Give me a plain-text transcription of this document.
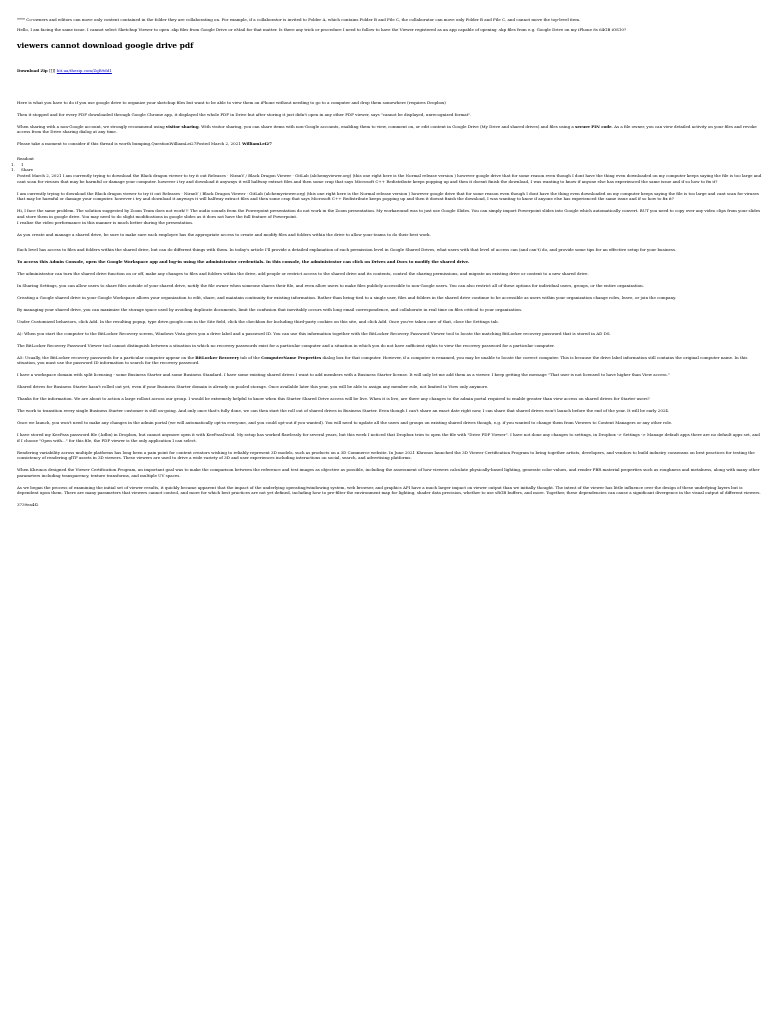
**** Co-owners and editors can move only content contained in the folder they are collaborating on. For example, if a collaborator is invited to Folder A, which contains Folder B and File C, the collaborator can move only Folder B and File C, and cannot move the top-level item.

Hello, I am facing the same issue. I cannot select Sketchup Viewer to open .skp files from Google Drive or eMail for that matter. Is there any trick or procedure I need to follow to have the Viewer registered as an app capable of opening .skp files from e.g. Google Drive on my iPhone 8s 64GB iOS10?

viewers cannot download google drive pdf

Download Zip [[]] bit.ua/thezip.com/ZqB9dd1

Here is what you have to do if you use google drive to organize your sketchup files but want to be able to view them on iPhone without needing to go to a computer and drop them somewhere (requires Dropbox)

Then it stopped and for every PDF downloaded through Google Chrome app, it displayed the whole PDF in Drive but after storing it just didn't open in any other PDF viewer, says "cannot be displayed, unrecognized format".

When sharing with a non-Google account, we strongly recommend using visitor sharing. With visitor sharing, you can share items with non-Google accounts, enabling them to view, comment on, or edit content in Google Drive (My Drive and shared drives) and files using a secure PIN code. As a file owner, you can view detailed activity on your files and revoke access from the Drive sharing dialog at any time.

Please take a moment to consider if this thread is worth bumping.QuestionWilliamLei27Posted March 2, 2021 WilliamLei27

Readout

1. 1
1. Share

Posted March 2, 2021 I am currently trying to download the Black dragon viewer to try it out Releases · NiranV / Black Dragon Viewer · GitLab (alchemyviewer.org) (this one right here is the Normal release version ) however google drive that for some reason even though I dont have the thing even downloaded on my computer keeps saying the file is too large and cant scan for viruses that may be harmful or damage your computer. however i try and download it anyways it will halfway extract files and then some crap that says Microsoft C++ Redistribute keeps popping up and then it doesnt finish the download, I was wanting to know if anyone else has experienced the same issue and if so how to fix it?

I am currently trying to download the Black dragon viewer to try it out Releases · NiranV / Black Dragon Viewer · GitLab (alchemyviewer.org) (this one right here is the Normal release version ) however google drive that for some reason even though I dont have the thing even downloaded on my computer keeps saying the file is too large and cant scan for viruses that may be harmful or damage your computer. however i try and download it anyways it will halfway extract files and then some crap that says Microsoft C++ Redistribute keeps popping up and then it doesnt finish the download, I was wanting to know if anyone else has experienced the same issue and if so how to fix it?

Hi, I face the same problem. The solution suggested by Zoom Team does not work!!! The audio sounds from the Powerpoint presentation do not work in the Zoom presentation. My workaround was to just use Google Slides. You can simply import Powerpoint slides into Google which automatically convert. BUT you need to copy over any video clips from your slides and store them in google drive. You may need to do slight modifications in google slides as it does not have the full feature of Powerpoint.

I realize the video performance in this manner is much better during the presentation.

As you create and manage a shared drive, be sure to make sure each employee has the appropriate access to create and modify files and folders within the drive to allow your teams to do their best work.

Each level has access to files and folders within the shared drive, but can do different things with them. In today's article I'll provide a detailed explanation of each permission level in Google Shared Drives, what users with that level of access can (and can't) do, and provide some tips for an effective setup for your business.

To access this Admin Console, open the Google Workspace app and log-in using the administrator credentials. In this console, the administrator can click on Drives and Docs to modify the shared drive.

The administrator can turn the shared drive function on or off, make any changes to files and folders within the drive, add people or restrict access to the shared drive and its contents, control the sharing permissions, and migrate an existing drive or content to a new shared drive.

In Sharing Settings, you can allow users to share files outside of your shared drive, notify the file owner when someone shares their file, and even allow users to make files publicly accessible to non-Google users. You can also restrict all of these options for individual users, groups, or the entire organization.

Creating a Google shared drive in your Google Workspace allows your organization to edit, share, and maintain continuity for existing information. Rather than being tied to a single user, files and folders in the shared drive continue to be accessible as users within your organization change roles, leave, or join the company.

By managing your shared drive, you can maximize the storage space used by avoiding duplicate documents, limit the confusion that inevitably occurs with long email correspondence, and collaborate in real time on files critical to your organization.

Under Customized behaviors, click Add. In the resulting popup, type drive.google.com in the Site field, click the checkbox for Including third-party cookies on this site, and click Add. Once you've taken care of that, close the Settings tab.

A): When you start the computer to the BitLocker Recovery screen, Windows Vista gives you a drive label and a password ID. You can use this information together with the BitLocker Recovery Password Viewer tool to locate the matching BitLocker recovery password that is stored in AD DS.

The BitLocker Recovery Password Viewer tool cannot distinguish between a situation in which no recovery passwords exist for a particular computer and a situation in which you do not have sufficient rights to view the recovery password for a particular computer.

A5: Usually, the BitLocker recovery passwords for a particular computer appear on the BitLocker Recovery tab of the ComputerName Properties dialog box for that computer. However, if a computer is renamed, you may be unable to locate the correct computer. This is because the drive label information still contains the original computer name. In this situation, you must use the password ID information to search for the recovery password.

I have a workspace domain with split licensing - some Business Starter and some Business Standard. I have some existing shared drives I want to add members with a Business Starter license. It will only let me add them as a viewer. I keep getting the message "That user is not licensed to have higher than View access."

Shared drives for Business Starter hasn't rolled out yet, even if your Business Starter domain is already on pooled storage. Once available later this year, you will be able to assign any member role, not limited to View only anymore.

Thanks for the information. We are about to action a large rollout across our group. I would be extremely helpful to know when this Starter Shared Drive access will be live. When it is live, are there any changes to the admin portal required to enable greater than view access on shared drives for Starter users?

The work to transition every single Business Starter customer is still on-going. And only once that's fully done, we can then start the roll out of shared drives in Business Starter. Even though I can't share an exact date right now, I can share that shared drives won't launch before the end of the year. It will be early 2024.

Once we launch, you won't need to make any changes in the admin portal (we will automatically opt-in everyone, and you could opt-out if you wanted). You will need to update all the users and groups on existing shared drives though, e.g. if you wanted to change them from Viewers to Content Managers or any other role.

I have stored my KeePass password file (.kdbx) in Dropbox, but cannot anymore open it with KeePassDroid. My setup has worked flawlessly for several years, but this week I noticed that Dropbox tries to open the file with "Drive PDF Viewer". I have not done any changes to settings, in Dropbox -> Settings -> Manage default apps there are no default apps set, and if I choose "Open with..." for this file, the PDF viewer is the only application I can select.

Rendering variability across multiple platforms has long been a pain point for content creators wishing to reliably represent 3D models, such as products on a 3D Commerce website. In June 2021 Khronos launched the 3D Viewer Certification Program to bring together artists, developers, and vendors to build industry consensus on best practices for testing the consistency of rendering glTF assets in 3D viewers. These viewers are used to drive a wide variety of 3D and user experiences including interactions on social, search, and advertising platforms.

When Khronos designed the Viewer Certification Program, an important goal was to make the comparison between the reference and test images as objective as possible, including the assessment of how viewers calculate physically-based lighting, generate color values, and render PBR material properties such as roughness and metalness, along with many other parameters including transparency, texture transforms, and multiple UV spaces.

As we began the process of examining the initial set of viewer results, it quickly became apparent that the impact of the underlying operating/windowing system, web browser, and graphics API have a much larger impact on viewer output than we initially thought. The intent of the viewer has little influence over the design of these underlying layers but is dependent upon them. There are many parameters that viewers cannot control, and more for which best practices are not yet defined, including how to pre-filter the environment map for lighting, shader data precision, whether to use sRGB buffers, and more. Together, these dependencies can cause a significant divergence in the visual output of different viewers.

3739ea4f2
